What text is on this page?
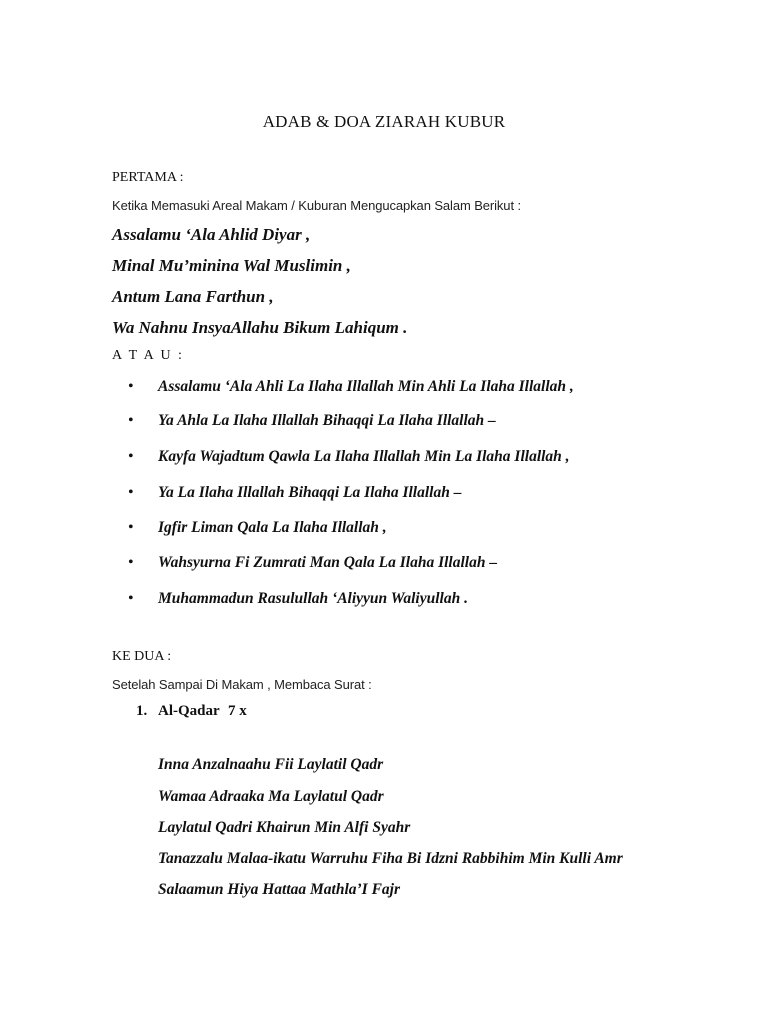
ADAB & DOA ZIARAH KUBUR
PERTAMA :
Ketika Memasuki Areal Makam / Kuburan Mengucapkan Salam Berikut :
Assalamu ‘Ala Ahlid Diyar ,
Minal Mu’minina Wal Muslimin ,
Antum Lana Farthun ,
Wa Nahnu InsyaAllahu Bikum Lahiqum .
A T A U :
• Assalamu ‘Ala Ahli La Ilaha Illallah Min Ahli La Ilaha Illallah ,
• Ya Ahla La Ilaha Illallah Bihaqqi La Ilaha Illallah –
• Kayfa Wajadtum Qawla La Ilaha Illallah Min La Ilaha Illallah ,
• Ya La Ilaha Illallah Bihaqqi La Ilaha Illallah –
• Igfir Liman Qala La Ilaha Illallah ,
• Wahsyurna Fi Zumrati Man Qala La Ilaha Illallah –
• Muhammadun Rasulullah ‘Aliyyun Waliyullah .
KE DUA :
Setelah Sampai Di Makam , Membaca Surat :
1. Al-Qadar 7 x
Inna Anzalnaahu Fii Laylatil Qadr
Wamaa Adraaka Ma Laylatul Qadr
Laylatul Qadri Khairun Min Alfi Syahr
Tanazzalu Malaa-ikatu Warruhu Fiha Bi Idzni Rabbihim Min Kulli Amr
Salaamun Hiya Hattaa Mathla’I Fajr
